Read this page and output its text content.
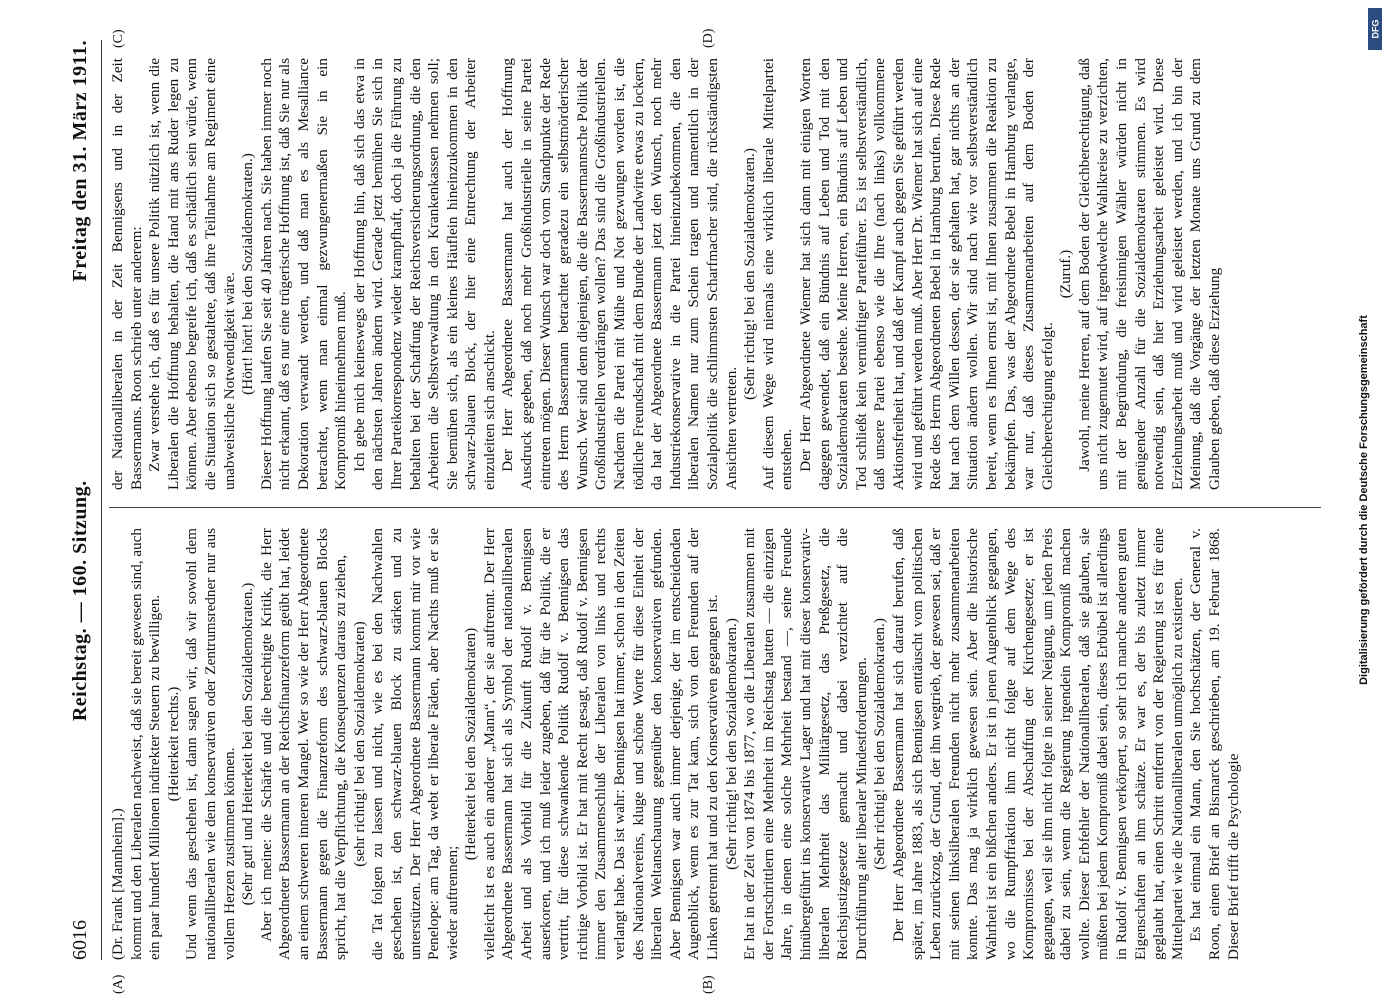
6016
Reichstag. — 160. Sitzung.
Freitag den 31. März 1911.

(Dr. Frank [Mannheim].) kommt und den Liberalen nachweist, daß sie bereit gewesen sind, auch ein paar hundert Millionen indirekter Steuern zu bewilligen. (Heiterkeit rechts.) Und wenn das geschehen ist, dann sagen wir, daß wir sowohl dem nationalliberalen wie dem konservativen oder Zentrumsredner nur aus vollem Herzen zustimmen können. (Sehr gut! und Heiterkeit bei den Sozialdemokraten.) Aber ich meine: die Schärfe und die berechtigte Kritik, die Herr Abgeordneter Bassermann an der Reichsfinanzreform geübt hat, leidet an einem schweren inneren Mangel. Wer so wie der Herr Abgeordnete Bassermann gegen die Finanzreform des schwarz-blauen Blocks spricht, hat die Verpflichtung, die Konsequenzen daraus zu ziehen, (sehr richtig! bei den Sozialdemokraten) die Tat folgen zu lassen und nicht, wie es bei den Nachwahlen geschehen ist, den schwarz-blauen Block zu stärken und zu unterstützen. Der Herr Abgeordnete Bassermann kommt mir vor wie Penelope: am Tag, da webt er liberale Fäden, aber Nachts muß er sie wieder auftrennen;

(Heiterkeit bei den Sozialdemokraten) vielleicht ist es auch ein anderer „Mann“, der sie auftrennt. Der Herr Abgeordnete Bassermann hat sich als Symbol der nationalliberalen Arbeit und als Vorbild für die Zukunft Rudolf v. Bennigsen auserkoren, und ich muß leider zugeben, daß für die Politik, die er vertritt, für diese schwankende Politik Rudolf v. Bennigsen das richtige Vorbild ist. Er hat mit Recht gesagt, daß Rudolf v. Bennigsen immer den Zusammenschluß der Liberalen von links und rechts verlangt habe. Das ist wahr: Bennigsen hat immer, schon in den Zeiten des Nationalvereins, kluge und schöne Worte für diese Einheit der liberalen Weltanschauung gegenüber den konservativen gefunden. Aber Bennigsen war auch immer derjenige, der im entscheidenden Augenblick, wenn es zur Tat kam, sich von den Freunden auf der Linken getrennt hat und zu den Konservativen gegangen ist. (Sehr richtig! bei den Sozialdemokraten.) Er hat in der Zeit von 1874 bis 1877, wo die Liberalen zusammen mit der Fortschrittlern eine Mehrheit im Reichstag hatten — die einzigen Jahre, in denen eine solche Mehrheit bestand —, seine Freunde hinübergeführt ins konservative Lager und hat mit dieser konservativ-liberalen Mehrheit das Militärgesetz, das Preßgesetz, die Reichsjustizgesetze gemacht und dabei verzichtet auf die Durchführung alter liberaler Mindestforderungen. (Sehr richtig! bei den Sozialdemokraten.) Der Herr Abgeordnete Bassermann hat sich darauf berufen, daß später, im Jahre 1883, als sich Bennigsen enttäuscht vom politischen Leben zurückzog, der Grund, der ihn wegtrieb, der gewesen sei, daß er mit seinen linksliberalen Freunden nicht mehr zusammenarbeiten konnte. Das mag ja wirklich gewesen sein. Aber die historische Wahrheit ist ein bißchen anders. Er ist in jenen Augenblick gegangen, wo die Rumpffraktion ihm nicht folgte auf dem Wege des Kompromisses bei der Abschaffung der Kirchengesetze; er ist gegangen, weil sie ihm nicht folgte in seiner Neigung, um jeden Preis dabei zu sein, wenn die Regierung irgendein Kompromiß machen wollte. Dieser Erbfehler der Nationalliberalen, daß sie glauben, sie müßten bei jedem Kompromiß dabei sein, dieses Erbübel ist allerdings in Rudolf v. Bennigsen verkörpert, so sehr ich manche anderen guten Eigenschaften an ihm schätze. Er war es, der bis zuletzt immer geglaubt hat, einen Schritt entfernt von der Regierung ist es für eine Mittelpartei wie die Nationalliberalen unmöglich zu existieren. Es hat einmal ein Mann, den Sie hochschätzen, der General v. Roon, einen Brief an Bismarck geschrieben, am 19. Februar 1868. Dieser Brief trifft die Psychologie

der Nationalliberalen in der Zeit Bennigsens und in der Zeit Bassermanns. Roon schrieb unter anderem: Zwar verstehe ich, daß es für unsere Politik nützlich ist, wenn die Liberalen die Hoffnung behalten, die Hand mit ans Ruder legen zu können. Aber ebenso begreife ich, daß es schädlich sein würde, wenn die Situation sich so gestaltete, daß ihre Teilnahme am Regiment eine unabweisliche Notwendigkeit wäre. (Hört! hört! bei den Sozialdemokraten.) Dieser Hoffnung laufen Sie seit 40 Jahren nach. Sie haben immer noch nicht erkannt, daß es nur eine trügerische Hoffnung ist, daß Sie nur als Dekoration verwandt werden, und daß man es als Mesalliance betrachtet, wenn man einmal gezwungenermaßen Sie in ein Kompromiß hineinnehmen muß. Ich gebe mich keineswegs der Hoffnung hin, daß sich das etwa in den nächsten Jahren ändern wird. Gerade jetzt bemühen Sie sich in Ihrer Parteikorrespondenz wieder krampfhaft, doch ja die Führung zu behalten bei der Schaffung der Reichsversicherungsordnung, die den Arbeitern die Selbstverwaltung in den Krankenkassen nehmen soll; Sie bemühen sich, als ein kleines Häuflein hineinzukommen in den schwarz-blauen Block, der hier eine Entrechtung der Arbeiter einzuleiten sich anschickt. Der Herr Abgeordnete Bassermann hat auch der Hoffnung Ausdruck gegeben, daß noch mehr Großindustrielle in seine Partei eintreten mögen. Dieser Wunsch war doch vom Standpunkte der Rede des Herrn Bassermann betrachtet geradezu ein selbstmörderischer Wunsch. Wer sind denn diejenigen, die die Bassermannsche Politik der Großindustriellen verdrängen wollen? Das sind die Großindustriellen. Nachdem die Partei mit Mühe und Not gezwungen worden ist, die tödliche Freundschaft mit dem Bunde der Landwirte etwas zu lockern, da hat der Abgeordnete Bassermann jetzt den Wunsch, noch mehr Industriekonservative in die Partei hineinzubekommen, die den liberalen Namen nur zum Schein tragen und namentlich in der Sozialpolitik die schlimmsten Scharfmacher sind, die rückständigsten Ansichten vertreten.

(Sehr richtig! bei den Sozialdemokraten.) Auf diesem Wege wird niemals eine wirklich liberale Mittelpartei entstehen. Der Herr Abgeordnete Wiemer hat sich dann mit einigen Worten dagegen gewendet, daß ein Bündnis auf Leben und Tod mit den Sozialdemokraten bestehe. Meine Herren, ein Bündnis auf Leben und Tod schließt kein vernünftiger Parteiführer. Es ist selbstverständlich, daß unsere Partei ebenso wie die Ihre (nach links) vollkommene Aktionsfreiheit hat, und daß der Kampf auch gegen Sie geführt werden wird und geführt werden muß. Aber Herr Dr. Wiemer hat sich auf eine Rede des Herrn Abgeordneten Bebel in Hamburg berufen. Diese Rede hat nach dem Willen dessen, der sie gehalten hat, gar nichts an der Situation ändern wollen. Wir sind nach wie vor selbstverständlich bereit, wenn es Ihnen ernst ist, mit Ihnen zusammen die Reaktion zu bekämpfen. Das, was der Abgeordnete Bebel in Hamburg verlangte, war nur, daß dieses Zusammenarbeiten auf dem Boden der Gleichberechtigung erfolgt.

(Zuruf.) Jawohl, meine Herren, auf dem Boden der Gleichberechtigung, daß uns nicht zugemutet wird, auf irgendwelche Wahlkreise zu verzichten, mit der Begründung, die freisinnigen Wähler würden nicht in genügender Anzahl für die Sozialdemokraten stimmen. Es wird notwendig sein, daß hier Erziehungsarbeit geleistet wird. Diese Erziehungsarbeit muß und wird geleistet werden, und ich bin der Meinung, daß die Vorgänge der letzten Monate uns Grund zu dem Glauben geben, daß diese Erziehung

(A)	(B)
(C)	(D)
Digitalisierung gefördert durch die Deutsche Forschungsgemeinschaft
DFG
